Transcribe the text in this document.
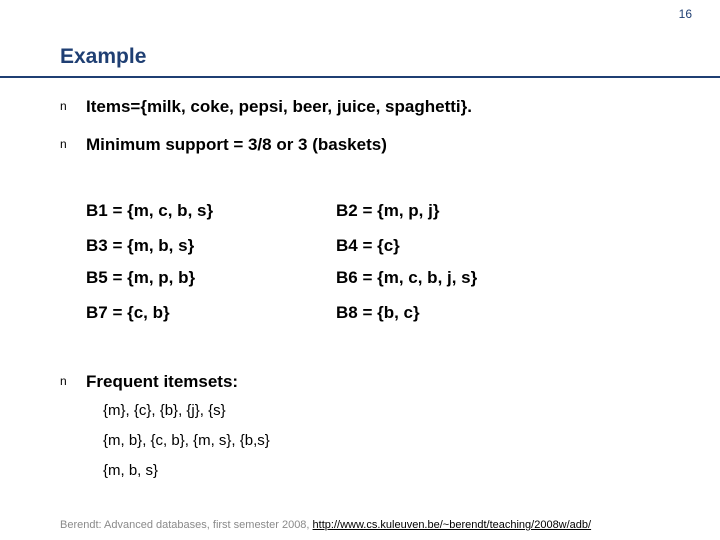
16
Example
n Items={milk, coke, pepsi, beer, juice, spaghetti}.
n Minimum support = 3/8 or 3 (baskets)
B1 = {m, c, b, s}	B2 = {m, p, j}
B3 = {m, b, s}	B4 = {c}
B5 = {m, p, b}	B6 = {m, c, b, j, s}
B7 = {c, b}	B8 = {b, c}
n Frequent itemsets:
{m}, {c}, {b}, {j}, {s}
{m, b}, {c, b}, {m, s}, {b,s}
{m, b, s}
Berendt: Advanced databases, first semester 2008, http://www.cs.kuleuven.be/~berendt/teaching/2008w/adb/
